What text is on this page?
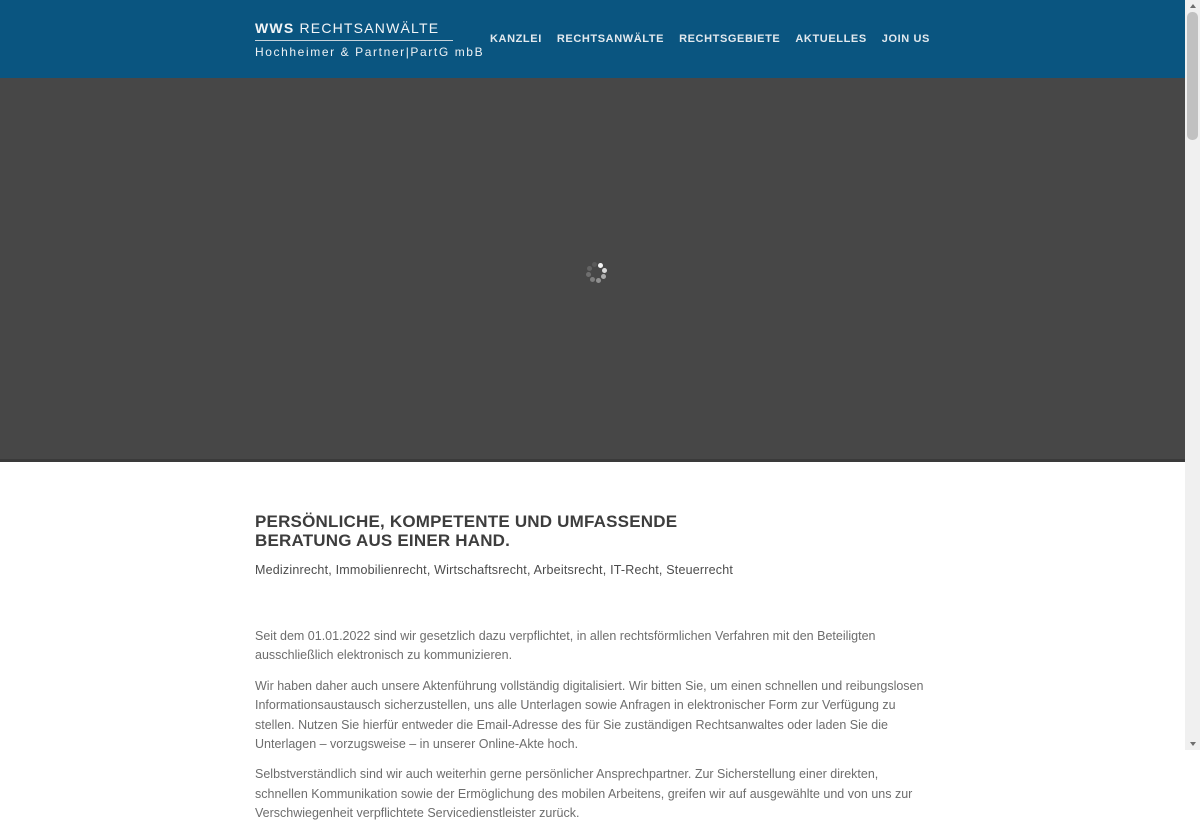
WWS RECHTSANWÄLTE
Hochheimer & Partner|PartG mbB
KANZLEI RECHTSANWÄLTE RECHTSGEBIETE AKTUELLES JOIN US
PERSÖNLICHE, KOMPETENTE UND UMFASSENDE
BERATUNG AUS EINER HAND.
Medizinrecht, Immobilienrecht, Wirtschaftsrecht, Arbeitsrecht, IT-Recht, Steuerrecht

Seit dem 01.01.2022 sind wir gesetzlich dazu verpflichtet, in allen rechtsförmlichen Verfahren mit den Beteiligten ausschließlich elektronisch zu kommunizieren.

Wir haben daher auch unsere Aktenführung vollständig digitalisiert. Wir bitten Sie, um einen schnellen und reibungslosen Informationsaustausch sicherzustellen, uns alle Unterlagen sowie Anfragen in elektronischer Form zur Verfügung zu stellen. Nutzen Sie hierfür entweder die Email-Adresse des für Sie zuständigen Rechtsanwaltes oder laden Sie die Unterlagen – vorzugsweise – in unserer Online-Akte hoch.

Selbstverständlich sind wir auch weiterhin gerne persönlicher Ansprechpartner. Zur Sicherstellung einer direkten, schnellen Kommunikation sowie der Ermöglichung des mobilen Arbeitens, greifen wir auf ausgewählte und von uns zur Verschwiegenheit verpflichtete Servicedienstleister zurück.
